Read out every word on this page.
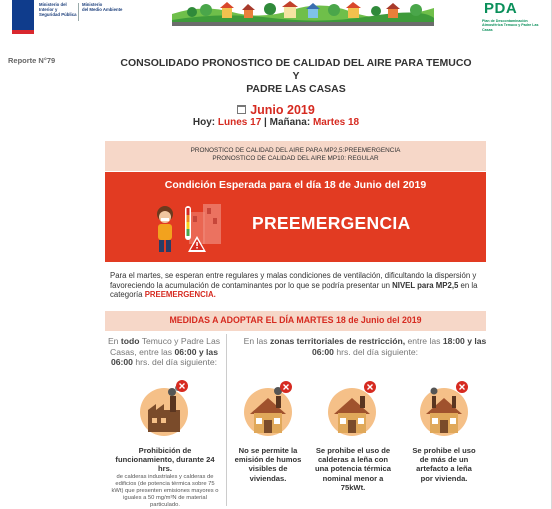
Ministerio del
Interior y
Seguridad Pública
Ministerio
del Medio Ambiente	PDA
Plan de Descontaminación Atmosférica Temuco y Padre Las Casas
Reporte N°79	CONSOLIDADO PRONOSTICO DE CALIDAD DEL AIRE PARA TEMUCO Y
PADRE LAS CASAS
Junio 2019
Hoy: Lunes 17 | Mañana: Martes 18
PRONOSTICO DE CALIDAD DEL AIRE PARA MP2,5:PREEMERGENCIA
PRONOSTICO DE CALIDAD DEL AIRE MP10: REGULAR
Condición Esperada para el día 18 de Junio del 2019
PREEMERGENCIA
Para el martes, se esperan entre regulares y malas condiciones de ventilación, dificultando la dispersión y favoreciendo la acumulación de contaminantes por lo que se podría presentar un NIVEL para MP2,5 en la categoría PREEMERGENCIA.
MEDIDAS A ADOPTAR EL DÍA MARTES 18 de Junio del 2019
En todo Temuco y Padre Las Casas, entre las 06:00 y las 06:00 hrs. del día siguiente:
En las zonas territoriales de restricción, entre las 18:00 y las 06:00 hrs. del día siguiente:
Prohibición de funcionamiento, durante 24 hrs.
de calderas industriales y calderas de edificios (de potencia térmica sobre 75 kWt) que presenten emisiones mayores o iguales a 50 mg/m³N de material particulado.
No se permite la emisión de humos visibles de viviendas.
Se prohibe el uso de calderas a leña con una potencia térmica nominal menor a 75kWt.
Se prohibe el uso de más de un artefacto a leña por vivienda.
